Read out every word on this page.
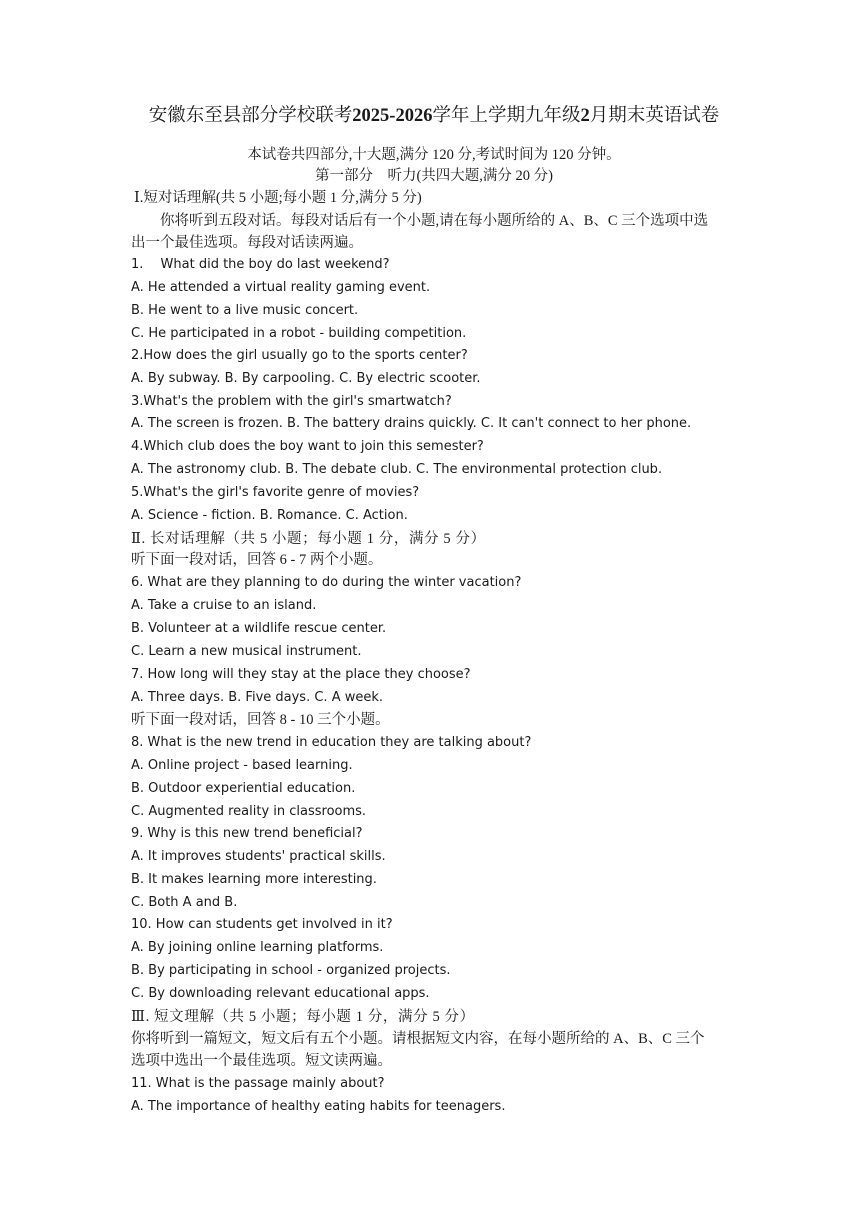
安徽东至县部分学校联考2025-2026学年上学期九年级2月期末英语试卷
本试卷共四部分,十大题,满分 120 分,考试时间为 120 分钟。
第一部分　听力(共四大题,满分 20 分)
Ⅰ.短对话理解(共 5 小题;每小题 1 分,满分 5 分)
　　你将听到五段对话。每段对话后有一个小题,请在每小题所给的 A、B、C 三个选项中选
出一个最佳选项。每段对话读两遍。
1.　 What did the boy do last weekend?
A. He attended a virtual reality gaming event.
B. He went to a live music concert.
C. He participated in a robot - building competition.
2.How does the girl usually go to the sports center?
A. By subway. B. By carpooling. C. By electric scooter.
3.What's the problem with the girl's smartwatch?
A. The screen is frozen. B. The battery drains quickly. C. It can't connect to her phone.
4.Which club does the boy want to join this semester?
A. The astronomy club. B. The debate club. C. The environmental protection club.
5.What's the girl's favorite genre of movies?
A. Science - fiction. B. Romance. C. Action.
Ⅱ. 长对话理解（共 5 小题；每小题 1 分，满分 5 分）
听下面一段对话，回答 6 - 7 两个小题。
6. What are they planning to do during the winter vacation?
A. Take a cruise to an island.
B. Volunteer at a wildlife rescue center.
C. Learn a new musical instrument.
7. How long will they stay at the place they choose?
A. Three days. B. Five days. C. A week.
听下面一段对话，回答 8 - 10 三个小题。
8. What is the new trend in education they are talking about?
A. Online project - based learning.
B. Outdoor experiential education.
C. Augmented reality in classrooms.
9. Why is this new trend beneficial?
A. It improves students' practical skills.
B. It makes learning more interesting.
C. Both A and B.
10. How can students get involved in it?
A. By joining online learning platforms.
B. By participating in school - organized projects.
C. By downloading relevant educational apps.
Ⅲ. 短文理解（共 5 小题；每小题 1 分，满分 5 分）
你将听到一篇短文，短文后有五个小题。请根据短文内容，在每小题所给的 A、B、C 三个
选项中选出一个最佳选项。短文读两遍。
11. What is the passage mainly about?
A. The importance of healthy eating habits for teenagers.
